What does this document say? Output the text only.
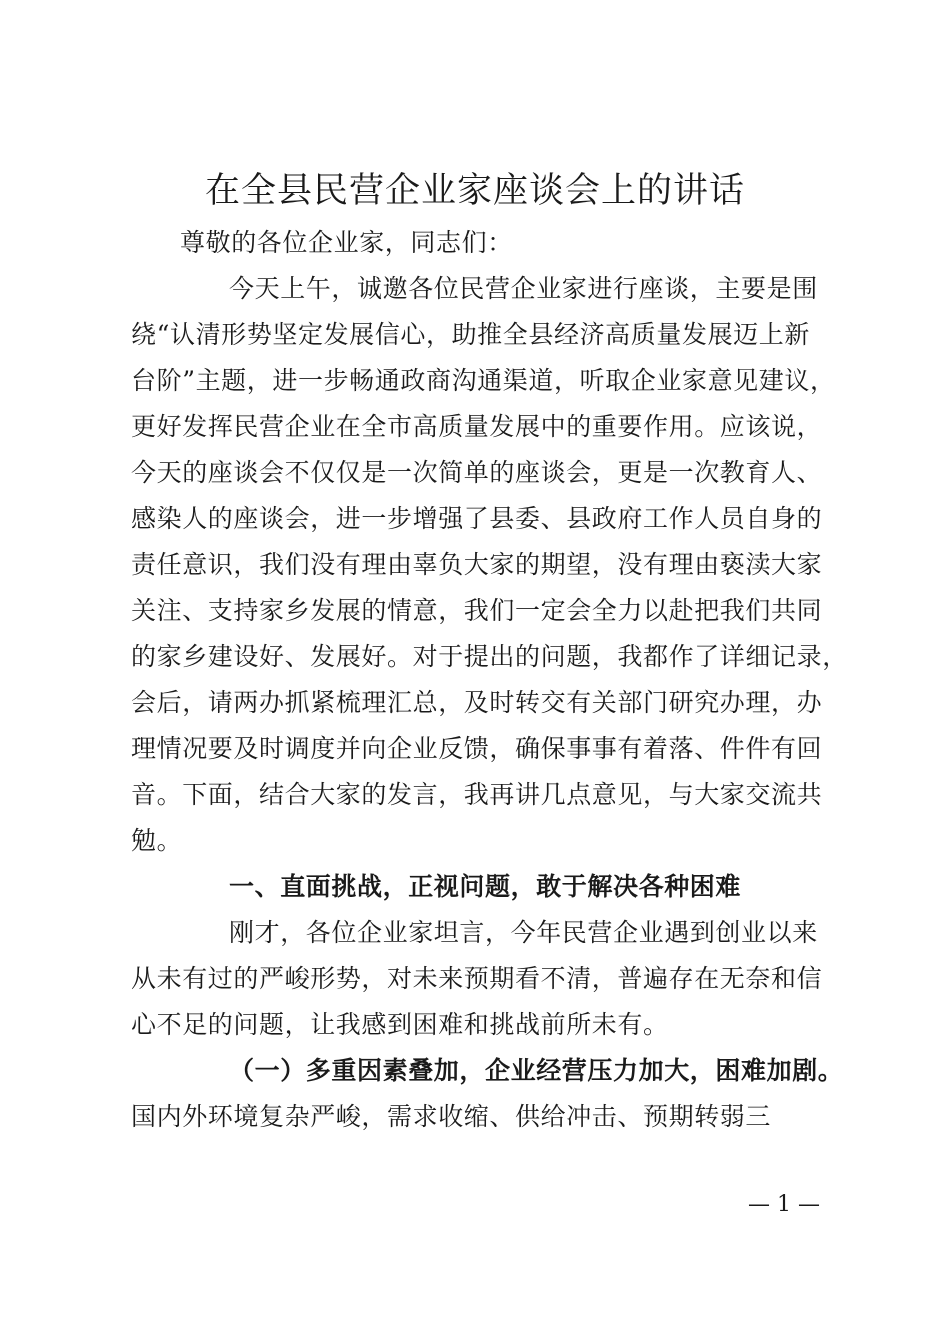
在全县民营企业家座谈会上的讲话
尊敬的各位企业家，同志们：
今天上午，诚邀各位民营企业家进行座谈，主要是围
绕“认清形势坚定发展信心，助推全县经济高质量发展迈上新
台阶”主题，进一步畅通政商沟通渠道，听取企业家意见建议，
更好发挥民营企业在全市高质量发展中的重要作用。应该说，
今天的座谈会不仅仅是一次简单的座谈会，更是一次教育人、
感染人的座谈会，进一步增强了县委、县政府工作人员自身的
责任意识，我们没有理由辜负大家的期望，没有理由亵渎大家
关注、支持家乡发展的情意，我们一定会全力以赴把我们共同
的家乡建设好、发展好。对于提出的问题，我都作了详细记录，
会后，请两办抓紧梳理汇总，及时转交有关部门研究办理，办
理情况要及时调度并向企业反馈，确保事事有着落、件件有回
音。下面，结合大家的发言，我再讲几点意见，与大家交流共
勉。
一、直面挑战，正视问题，敢于解决各种困难
刚才，各位企业家坦言，今年民营企业遇到创业以来
从未有过的严峻形势，对未来预期看不清，普遍存在无奈和信
心不足的问题，让我感到困难和挑战前所未有。
（一）多重因素叠加，企业经营压力加大，困难加剧。
国内外环境复杂严峻，需求收缩、供给冲击、预期转弱三
— 1 —
